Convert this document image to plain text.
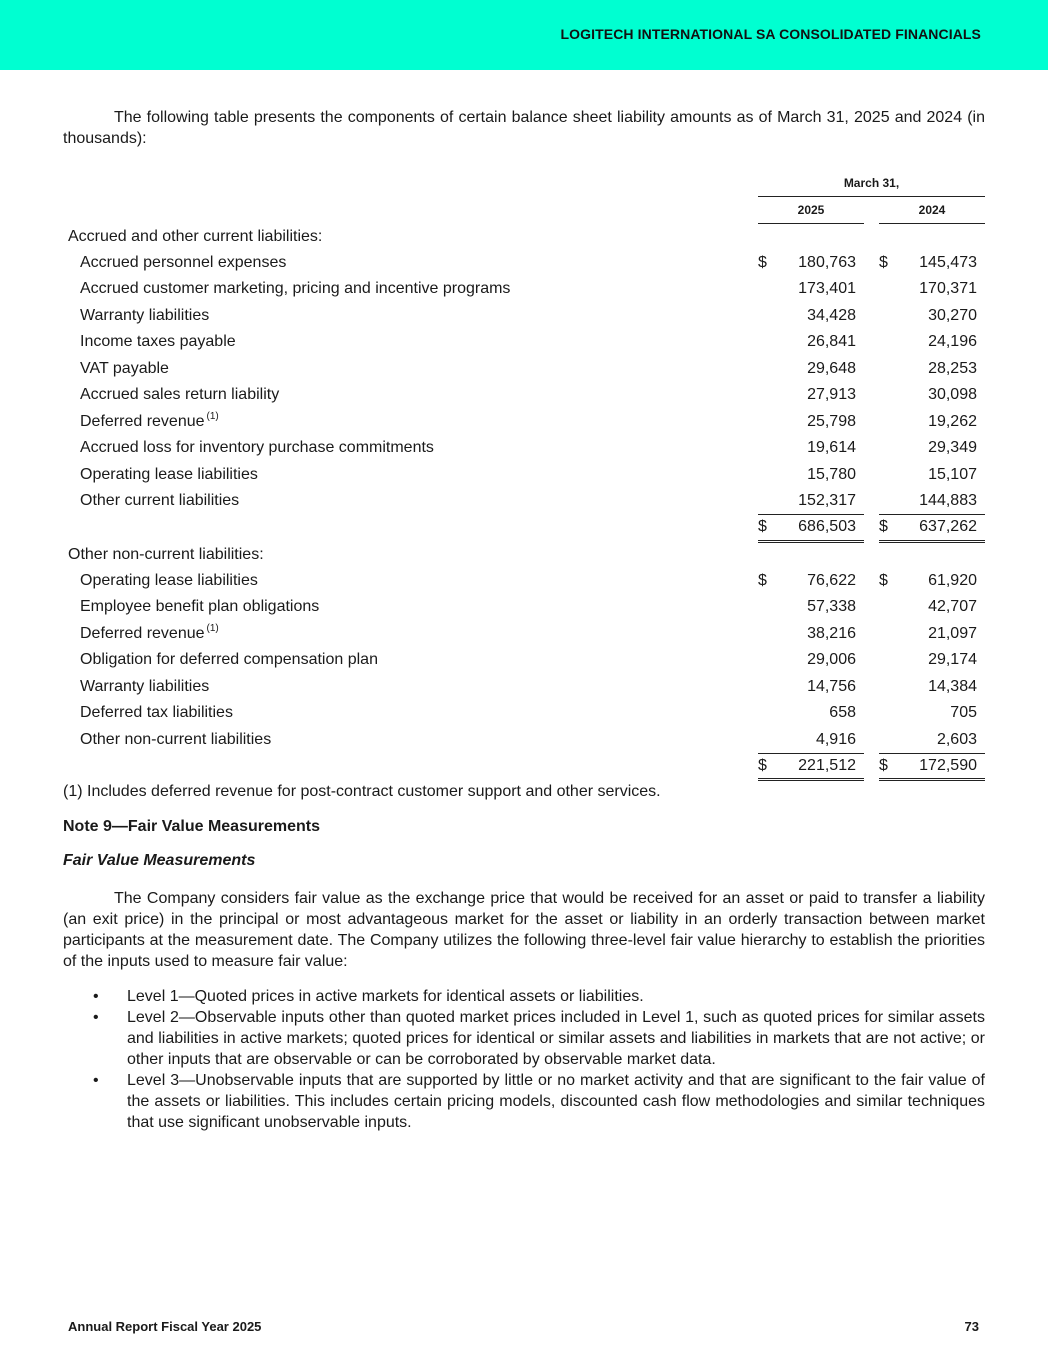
LOGITECH INTERNATIONAL SA CONSOLIDATED FINANCIALS

The following table presents the components of certain balance sheet liability amounts as of March 31, 2025 and 2024 (in thousands):

	March 31,				
	2025			2024	
Accrued and other current liabilities:					
Accrued personnel expenses	$	180,763		$	145,473
Accrued customer marketing, pricing and incentive programs		173,401			170,371
Warranty liabilities		34,428			30,270
Income taxes payable		26,841			24,196
VAT payable		29,648			28,253
Accrued sales return liability		27,913			30,098
Deferred revenue $^{(1)}$		25,798			19,262
Accrued loss for inventory purchase commitments		19,614			29,349
Operating lease liabilities		15,780			15,107
Other current liabilities		152,317			144,883
	$	686,503		$	637,262
Other non-current liabilities:					
Operating lease liabilities	$	76,622		$	61,920
Employee benefit plan obligations		57,338			42,707
Deferred revenue $^{(1)}$		38,216			21,097
Obligation for deferred compensation plan		29,006			29,174
Warranty liabilities		14,756			14,384
Deferred tax liabilities		658			705
Other non-current liabilities		4,916			2,603
	$	221,512		$	172,590
(1) Includes deferred revenue for post-contract customer support and other services.
Note 9—Fair Value Measurements
Fair Value Measurements

The Company considers fair value as the exchange price that would be received for an asset or paid to transfer a liability (an exit price) in the principal or most advantageous market for the asset or liability in an orderly transaction between market participants at the measurement date. The Company utilizes the following three-level fair value hierarchy to establish the priorities of the inputs used to measure fair value:

• Level 1—Quoted prices in active markets for identical assets or liabilities.
• Level 2—Observable inputs other than quoted market prices included in Level 1, such as quoted prices for similar assets and liabilities in active markets; quoted prices for identical or similar assets and liabilities in markets that are not active; or other inputs that are observable or can be corroborated by observable market data.
• Level 3—Unobservable inputs that are supported by little or no market activity and that are significant to the fair value of the assets or liabilities. This includes certain pricing models, discounted cash flow methodologies and similar techniques that use significant unobservable inputs.
Annual Report Fiscal Year 2025	73
